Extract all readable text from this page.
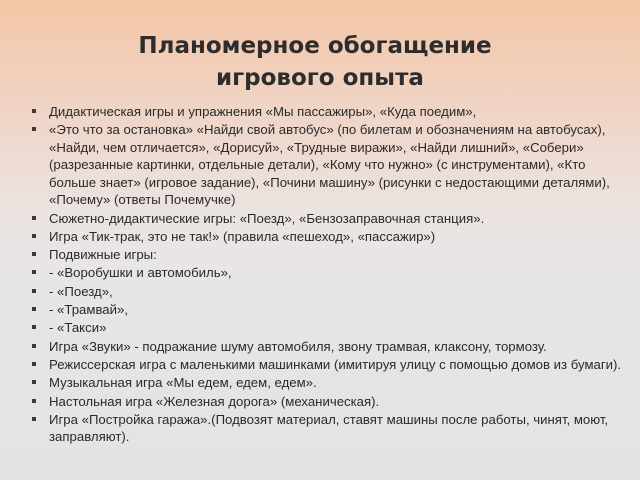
Планомерное обогащение
игрового опыта
Дидактическая игры и упражнения «Мы пассажиры», «Куда поедим»,
«Это что за остановка» «Найди свой автобус» (по билетам и обозначениям на автобусах), «Найди, чем отличается», «Дорисуй», «Трудные виражи», «Найди лишний», «Собери» (разрезанные картинки, отдельные детали), «Кому что нужно» (с инструментами), «Кто больше знает» (игровое задание), «Почини машину» (рисунки с недостающими деталями), «Почему» (ответы Почемучке)
Сюжетно-дидактические игры: «Поезд», «Бензозаправочная станция».
Игра «Тик-трак, это не так!» (правила «пешеход», «пассажир»)
Подвижные игры:
- «Воробушки и автомобиль»,
- «Поезд»,
- «Трамвай»,
- «Такси»
Игра «Звуки» - подражание шуму автомобиля, звону трамвая, клаксону, тормозу.
Режиссерская игра с маленькими машинками (имитируя улицу с помощью домов из бумаги).
Музыкальная игра «Мы едем, едем, едем».
Настольная игра «Железная дорога» (механическая).
Игра «Постройка гаража».(Подвозят материал, ставят машины после работы, чинят, моют, заправляют).
